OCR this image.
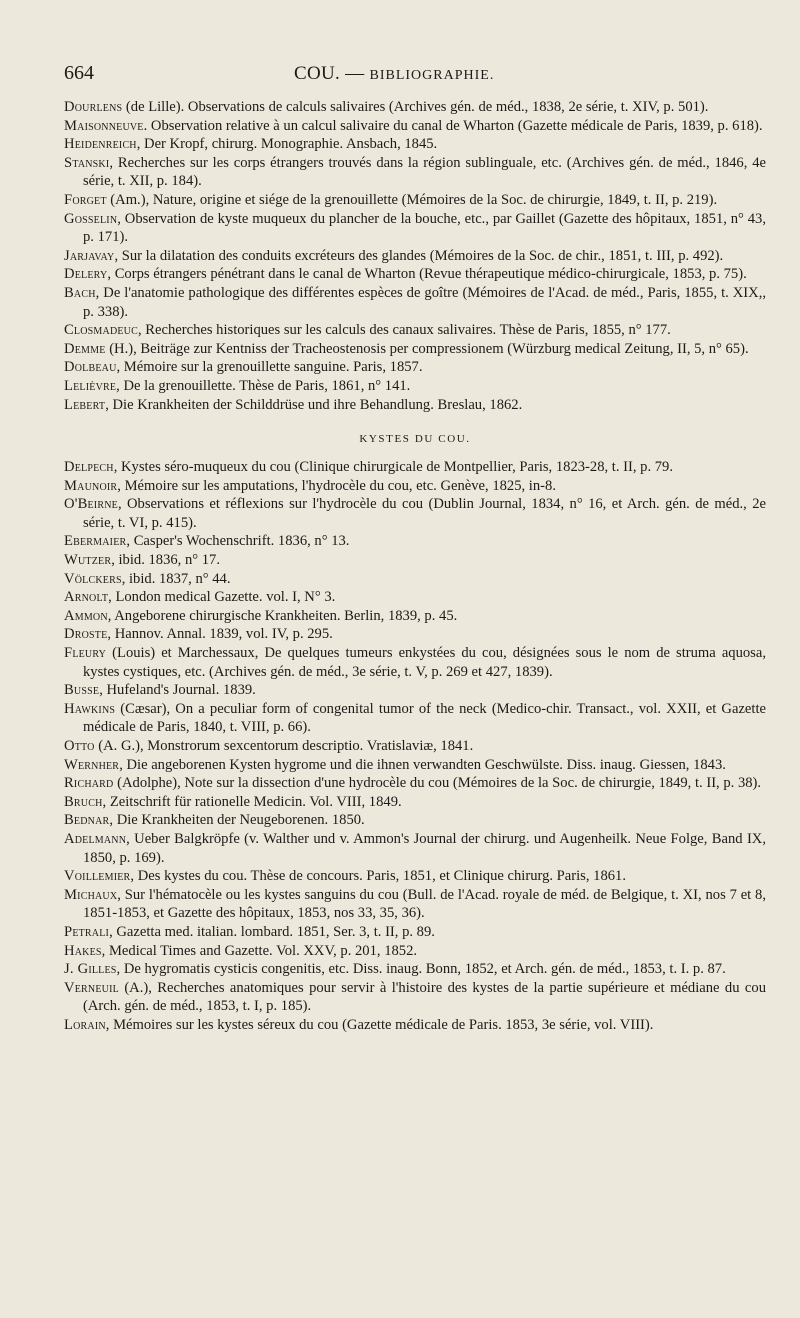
664	COU. — BIBLIOGRAPHIE.
Dourlens (de Lille). Observations de calculs salivaires (Archives gén. de méd., 1838, 2e série, t. XIV, p. 501).
Maisonneuve. Observation relative à un calcul salivaire du canal de Wharton (Gazette médicale de Paris, 1839, p. 618).
Heidenreich, Der Kropf, chirurg. Monographie. Ansbach, 1845.
Stanski, Recherches sur les corps étrangers trouvés dans la région sublinguale, etc. (Archives gén. de méd., 1846, 4e série, t. XII, p. 184).
Forget (Am.), Nature, origine et siége de la grenouillette (Mémoires de la Soc. de chirurgie, 1849, t. II, p. 219).
Gosselin, Observation de kyste muqueux du plancher de la bouche, etc., par Gaillet (Gazette des hôpitaux, 1851, n° 43, p. 171).
Jarjavay, Sur la dilatation des conduits excréteurs des glandes (Mémoires de la Soc. de chir., 1851, t. III, p. 492).
Delery, Corps étrangers pénétrant dans le canal de Wharton (Revue thérapeutique médico-chirurgicale, 1853, p. 75).
Bach, De l'anatomie pathologique des différentes espèces de goître (Mémoires de l'Acad. de méd., Paris, 1855, t. XIX,, p. 338).
Closmadeuc, Recherches historiques sur les calculs des canaux salivaires. Thèse de Paris, 1855, n° 177.
Demme (H.), Beiträge zur Kentniss der Tracheostenosis per compressionem (Würzburg medical Zeitung, II, 5, n° 65).
Dolbeau, Mémoire sur la grenouillette sanguine. Paris, 1857.
Lelièvre, De la grenouillette. Thèse de Paris, 1861, n° 141.
Lebert, Die Krankheiten der Schilddrüse und ihre Behandlung. Breslau, 1862.
KYSTES DU COU.
Delpech, Kystes séro-muqueux du cou (Clinique chirurgicale de Montpellier, Paris, 1823-28, t. II, p. 79.
Maunoir, Mémoire sur les amputations, l'hydrocèle du cou, etc. Genève, 1825, in-8.
O'Beirne, Observations et réflexions sur l'hydrocèle du cou (Dublin Journal, 1834, n° 16, et Arch. gén. de méd., 2e série, t. VI, p. 415).
Ebermaier, Casper's Wochenschrift. 1836, n° 13.
Wutzer, ibid. 1836, n° 17.
Völckers, ibid. 1837, n° 44.
Arnolt, London medical Gazette. vol. I, N° 3.
Ammon, Angeborene chirurgische Krankheiten. Berlin, 1839, p. 45.
Droste, Hannov. Annal. 1839, vol. IV, p. 295.
Fleury (Louis) et Marchessaux, De quelques tumeurs enkystées du cou, désignées sous le nom de struma aquosa, kystes cystiques, etc. (Archives gén. de méd., 3e série, t. V, p. 269 et 427, 1839).
Busse, Hufeland's Journal. 1839.
Hawkins (Cæsar), On a peculiar form of congenital tumor of the neck (Medico-chir. Transact., vol. XXII, et Gazette médicale de Paris, 1840, t. VIII, p. 66).
Otto (A. G.), Monstrorum sexcentorum descriptio. Vratislaviæ, 1841.
Wernher, Die angeborenen Kysten hygrome und die ihnen verwandten Geschwülste. Diss. inaug. Giessen, 1843.
Richard (Adolphe), Note sur la dissection d'une hydrocèle du cou (Mémoires de la Soc. de chirurgie, 1849, t. II, p. 38).
Bruch, Zeitschrift für rationelle Medicin. Vol. VIII, 1849.
Bednar, Die Krankheiten der Neugeborenen. 1850.
Adelmann, Ueber Balgkröpfe (v. Walther und v. Ammon's Journal der chirurg. und Augenheilk. Neue Folge, Band IX, 1850, p. 169).
Voillemier, Des kystes du cou. Thèse de concours. Paris, 1851, et Clinique chirurg. Paris, 1861.
Michaux, Sur l'hématocèle ou les kystes sanguins du cou (Bull. de l'Acad. royale de méd. de Belgique, t. XI, nos 7 et 8, 1851-1853, et Gazette des hôpitaux, 1853, nos 33, 35, 36).
Petrali, Gazetta med. italian. lombard. 1851, Ser. 3, t. II, p. 89.
Hakes, Medical Times and Gazette. Vol. XXV, p. 201, 1852.
J. Gilles, De hygromatis cysticis congenitis, etc. Diss. inaug. Bonn, 1852, et Arch. gén. de méd., 1853, t. I. p. 87.
Verneuil (A.), Recherches anatomiques pour servir à l'histoire des kystes de la partie supérieure et médiane du cou (Arch. gén. de méd., 1853, t. I, p. 185).
Lorain, Mémoires sur les kystes séreux du cou (Gazette médicale de Paris. 1853, 3e série, vol. VIII).
